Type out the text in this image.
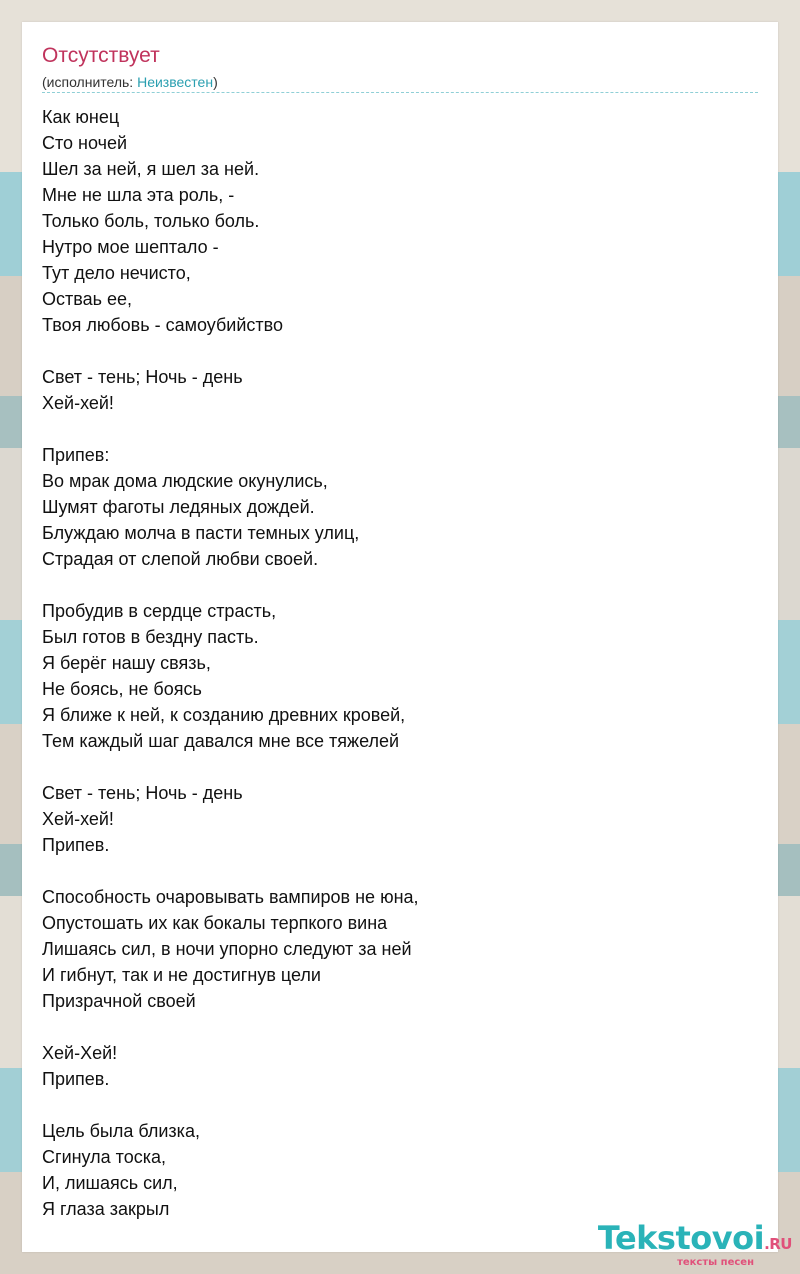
Отсутствует
(исполнитель: Неизвестен)
Как юнец
Сто ночей
Шел за ней, я шел за ней.
Мне не шла эта роль, -
Только боль, только боль.
Нутро мое шептало -
Тут дело нечисто,
Остваь ее,
Твоя любовь - самоубийство
Свет - тень; Ночь - день
Хей-хей!
Припев:
Во мрак дома людские окунулись,
Шумят фаготы ледяных дождей.
Блуждаю молча в пасти темных улиц,
Страдая от слепой любви своей.
Пробудив в сердце страсть,
Был готов в бездну пасть.
Я берёг нашу связь,
Не боясь, не боясь
Я ближе к ней, к созданию древних кровей,
Тем каждый шаг давался мне все тяжелей
Свет - тень; Ночь - день
Хей-хей!
Припев.
Способность очаровывать вампиров не юна,
Опустошать их как бокалы терпкого вина
Лишаясь сил, в ночи упорно следуют за ней
И гибнут, так и не достигнув цели
Призрачной своей
Хей-Хей!
Припев.
Цель была близка,
Сгинула тоска,
И, лишаясь сил,
Я глаза закрыл
Tekstovoi.RU
тексты песен
